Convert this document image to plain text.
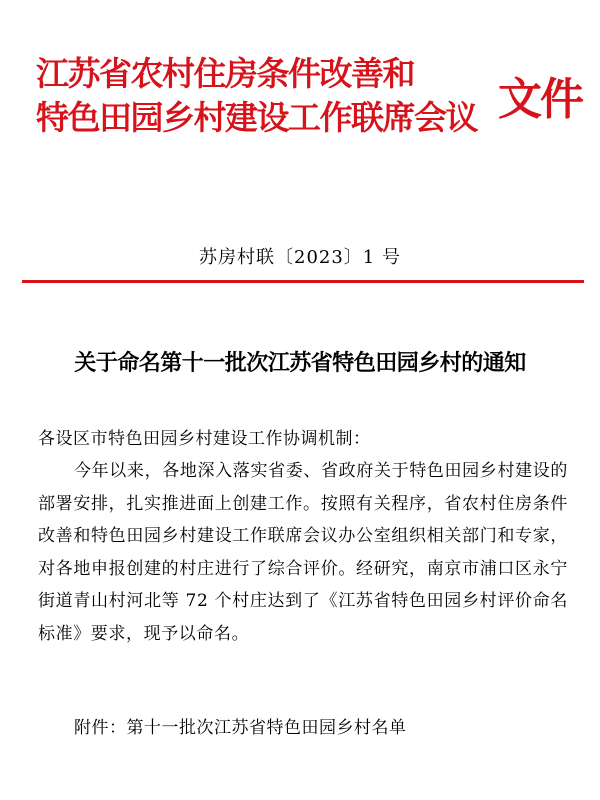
江苏省农村住房条件改善和
特色田园乡村建设工作联席会议 文件
苏房村联〔2023〕1 号
关于命名第十一批次江苏省特色田园乡村的通知
各设区市特色田园乡村建设工作协调机制：
今年以来，各地深入落实省委、省政府关于特色田园乡村建设的部署安排，扎实推进面上创建工作。按照有关程序，省农村住房条件改善和特色田园乡村建设工作联席会议办公室组织相关部门和专家，对各地申报创建的村庄进行了综合评价。经研究，南京市浦口区永宁街道青山村河北等 72 个村庄达到了《江苏省特色田园乡村评价命名标准》要求，现予以命名。
附件：第十一批次江苏省特色田园乡村名单
